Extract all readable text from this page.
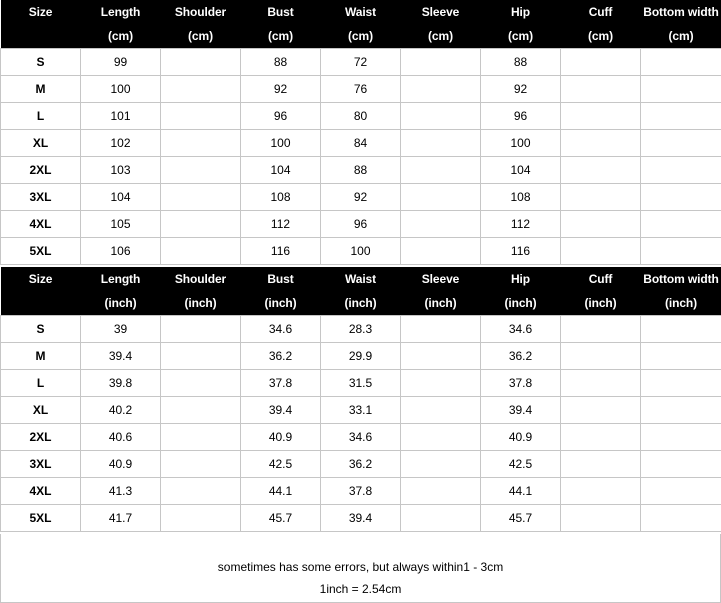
Size	Length	Shoulder	Bust	Waist	Sleeve	Hip	Cuff	Bottom width
	(cm)	(cm)	(cm)	(cm)	(cm)	(cm)	(cm)	(cm)
S	99		88	72		88		
M	100		92	76		92		
L	101		96	80		96		
XL	102		100	84		100		
2XL	103		104	88		104		
3XL	104		108	92		108		
4XL	105		112	96		112		
5XL	106		116	100		116		
Size	Length	Shoulder	Bust	Waist	Sleeve	Hip	Cuff	Bottom width
	(inch)	(inch)	(inch)	(inch)	(inch)	(inch)	(inch)	(inch)
S	39		34.6	28.3		34.6		
M	39.4		36.2	29.9		36.2		
L	39.8		37.8	31.5		37.8		
XL	40.2		39.4	33.1		39.4		
2XL	40.6		40.9	34.6		40.9		
3XL	40.9		42.5	36.2		42.5		
4XL	41.3		44.1	37.8		44.1		
5XL	41.7		45.7	39.4		45.7		
sometimes has some errors, but always within1 - 3cm
1inch = 2.54cm
